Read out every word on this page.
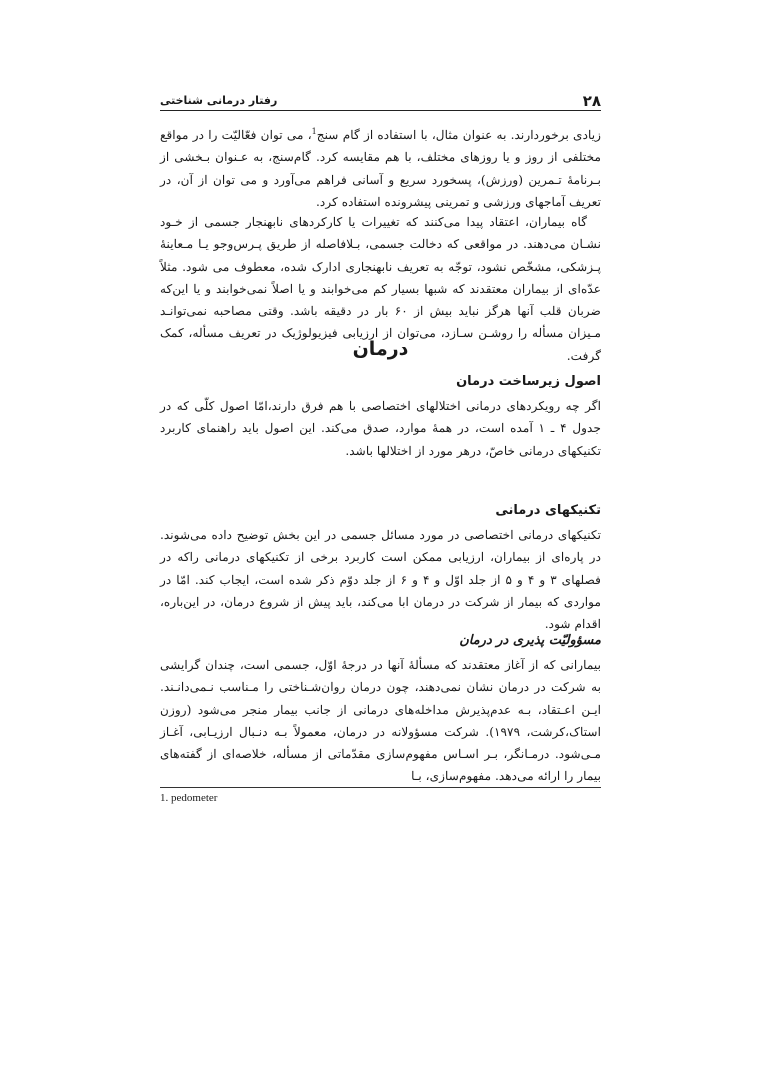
۲۸
رفتار درمانی شناختی

زیادی برخوردارند. به عنوان مثال، با استفاده از گام سنج$^1$، می توان فعّالیّت را در مواقع مختلفی از روز و یا روزهای مختلف، با هم مقایسه کرد. گام‌سنج، به عـنوان بـخشی از بـرنامهٔ تـمرین (ورزش)، پسخورد سریع و آسانی فراهم می‌آورد و می توان از آن، در تعریف آماجهای ورزشی و تمرینی پیشرونده استفاده کرد.

گاه بیماران، اعتقاد پیدا می‌کنند که تغییرات یا کارکردهای نابهنجار جسمی از خـود نشـان می‌دهند. در مواقعی که دخالت جسمی، بـلافاصله از طریق پـرس‌وجو یـا مـعاینهٔ پـزشکی، مشخّص نشود، توجّه به تعریف نابهنجاری ادارک شده، معطوف می شود. مثلاً عدّه‌ای از بیماران معتقدند که شبها بسیار کم می‌خوابند و یا اصلاً نمی‌خوابند و یا این‌که ضربان قلب آنها هرگز نباید بیش از ۶۰ بار در دقیقه باشد. وقتی مصاحبه نمی‌توانـد مـیزان مسأله را روشـن سـازد، می‌توان از ارزیابی فیزیولوژیک در تعریف مسأله، کمک گرفت.

درمان
اصول زیرساخت درمان

اگر چه رویکردهای درمانی اختلالهای اختصاصی با هم فرق دارند،امّا اصول کلّی که در جدول ۴ ـ ۱ آمده است، در همهٔ موارد، صدق می‌کند. این اصول باید راهنمای کاربرد تکنیکهای درمانی خاصّ، درهر مورد از اختلالها باشد.

تکنیکهای درمانی

تکنیکهای درمانی اختصاصی در مورد مسائل جسمی در این بخش توضیح داده می‌شوند. در پاره‌ای از بیماران، ارزیابی ممکن است کاربرد برخی از تکنیکهای درمانی راکه در فصلهای ۳ و ۴ و ۵ از جلد اوّل و ۴ و ۶ از جلد دوّم ذکر شده است، ایجاب کند. امّا در مواردی که بیمار از شرکت در درمان ابا می‌کند، باید پیش از شروع درمان، در این‌باره، اقدام شود.

مسؤولیّت پذیری در درمان

بیمارانی که از آغاز معتقدند که مسألهٔ آنها در درجهٔ اوّل، جسمی است، چندان گرایشی به شرکت در درمان نشان نمی‌دهند، چون درمان روان‌شـناختی را مـناسب نـمی‌دانـند. ایـن اعـتقاد، بـه عدم‌پذیرش مداخله‌های درمانی از جانب بیمار منجر می‌شود (روزن استاک،کرشت، ۱۹۷۹). شرکت مسؤولانه در درمان، معمولاً بـه دنـبال ارزیـابی، آغـاز مـی‌شود. درمـانگر، بـر اسـاس مفهوم‌سازی مقدّماتی از مسأله، خلاصه‌ای از گفته‌های بیمار را ارائه می‌دهد. مفهوم‌سازی، بـا

1. pedometer
